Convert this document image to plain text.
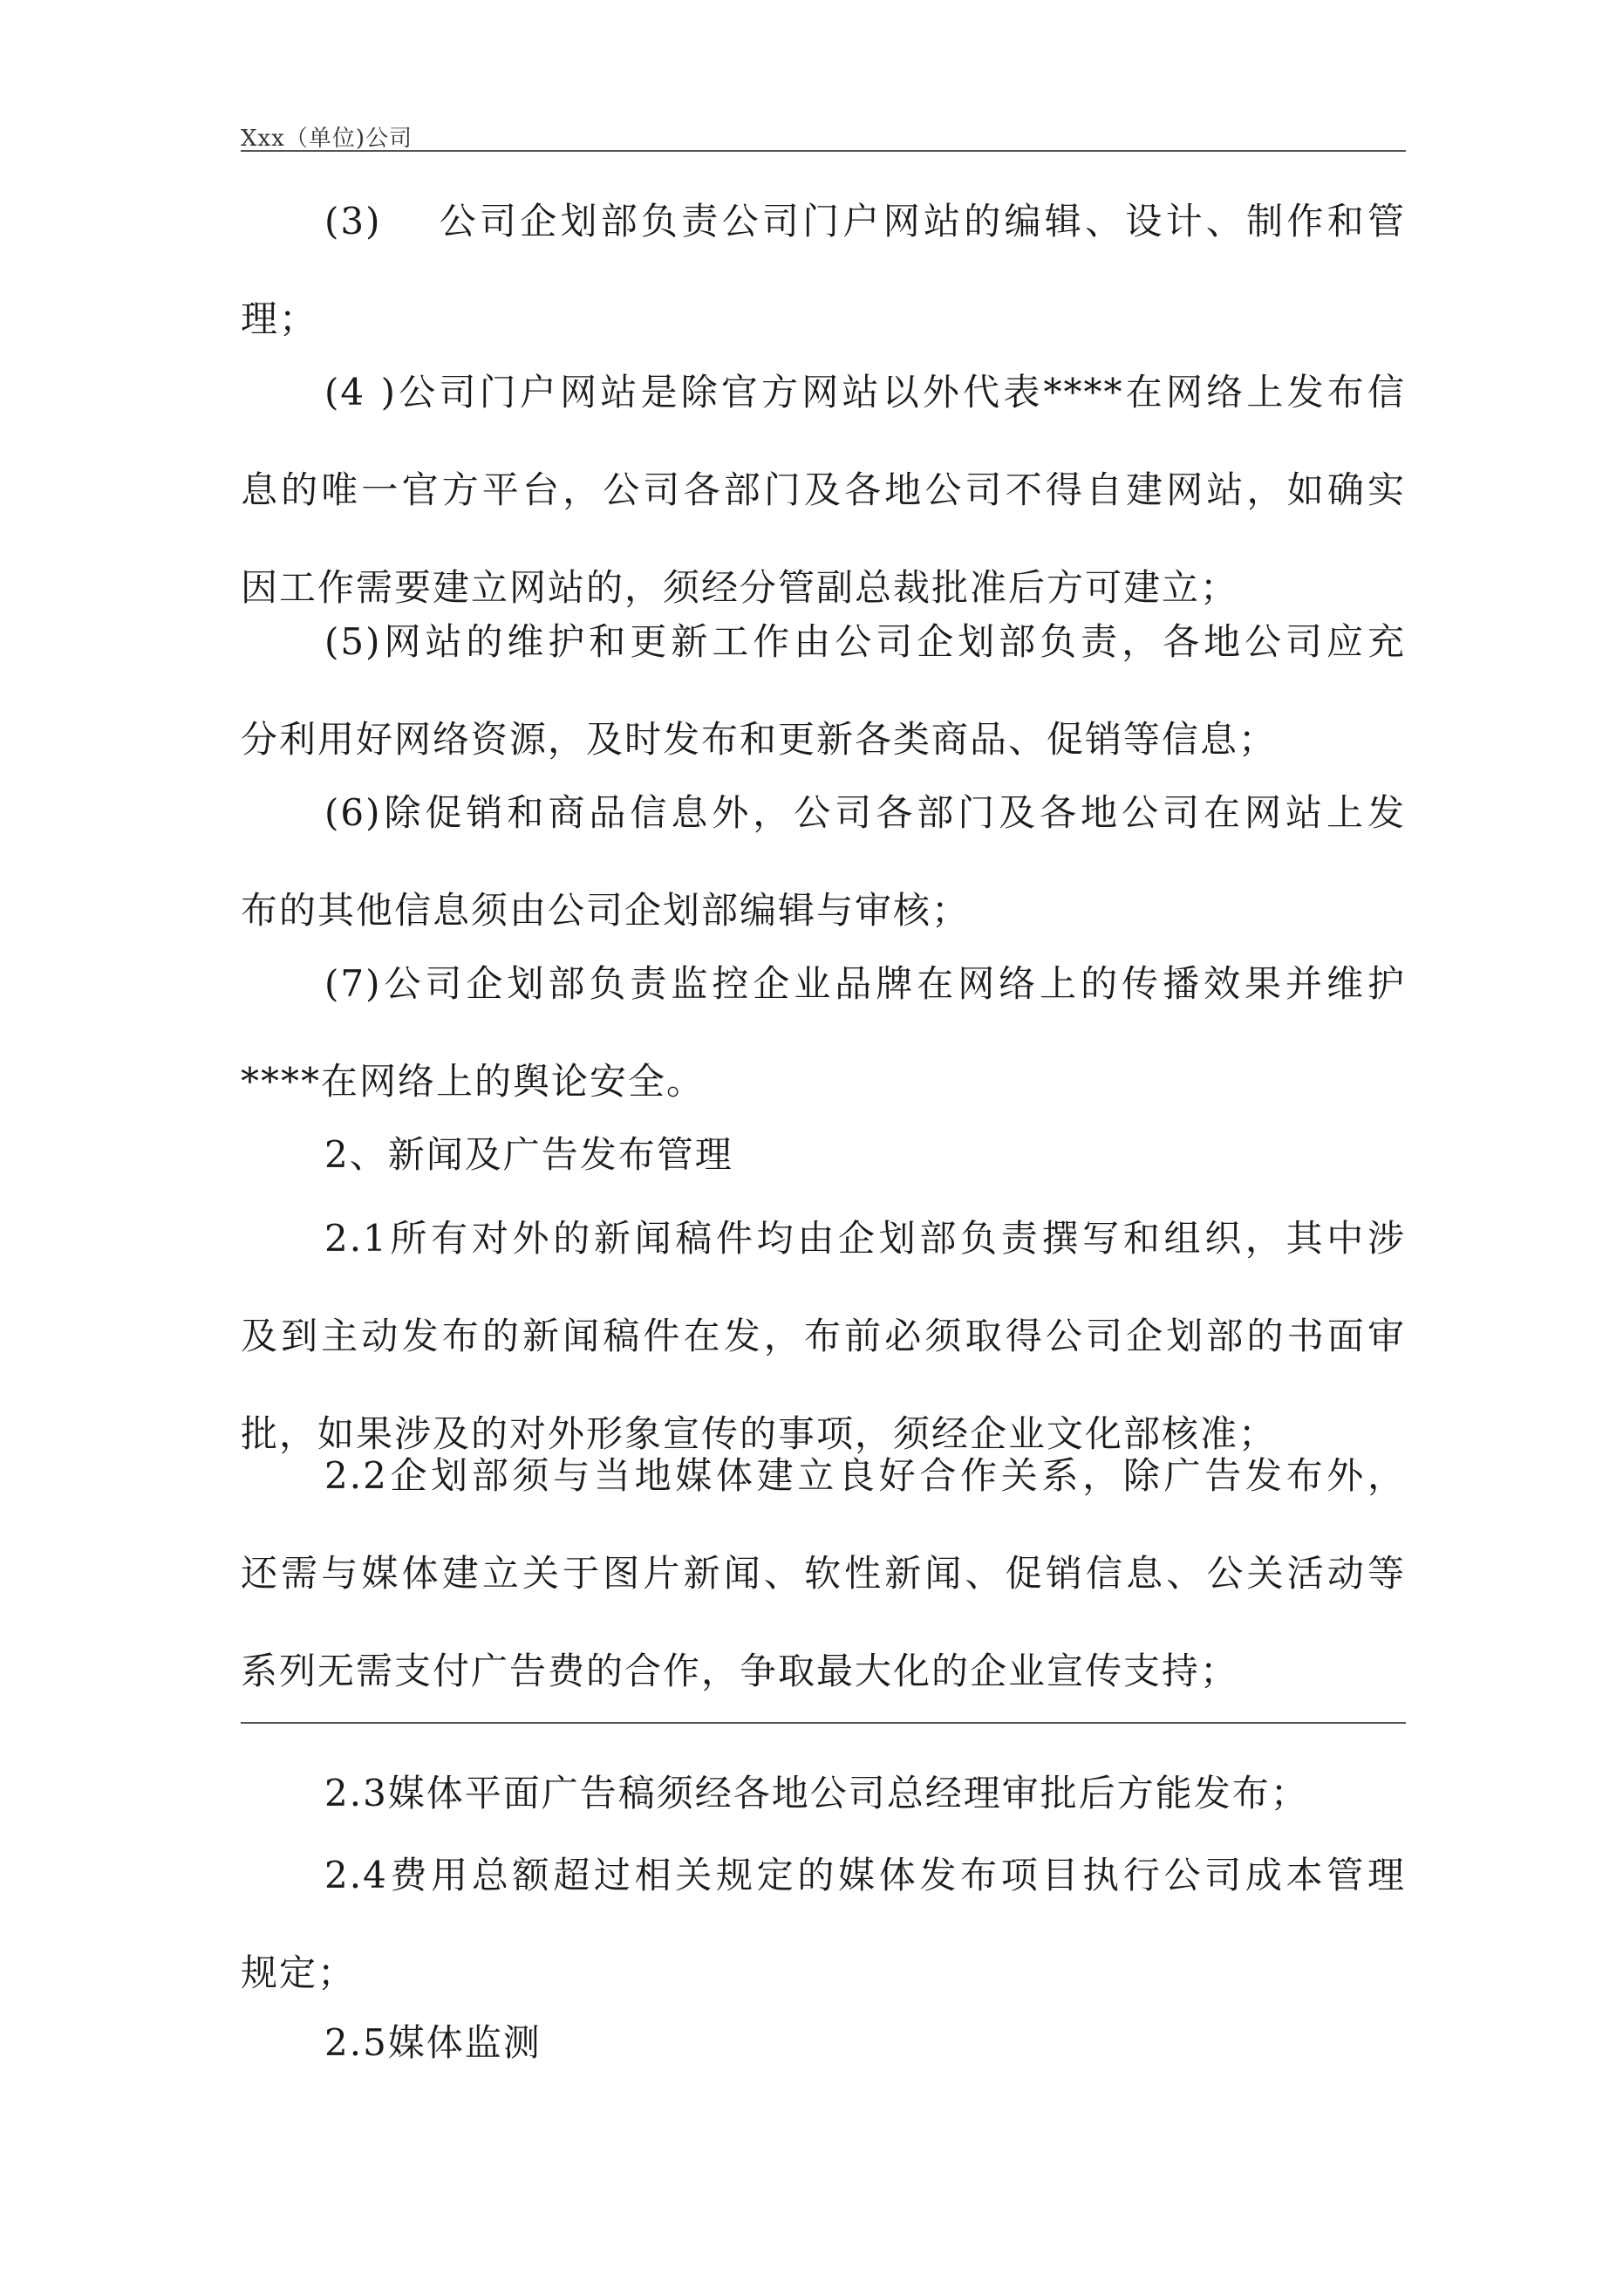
Xxx（单位)公司
(3)　 公司企划部负责公司门户网站的编辑、设计、制作和管
理；
(4 )公司门户网站是除官方网站以外代表****在网络上发布信
息的唯一官方平台，公司各部门及各地公司不得自建网站，如确实
因工作需要建立网站的，须经分管副总裁批准后方可建立；
(5)网站的维护和更新工作由公司企划部负责，各地公司应充
分利用好网络资源，及时发布和更新各类商品、促销等信息；
(6)除促销和商品信息外，公司各部门及各地公司在网站上发
布的其他信息须由公司企划部编辑与审核；
(7)公司企划部负责监控企业品牌在网络上的传播效果并维护
****在网络上的舆论安全。
2、新闻及广告发布管理
2.1所有对外的新闻稿件均由企划部负责撰写和组织，其中涉
及到主动发布的新闻稿件在发，布前必须取得公司企划部的书面审
批，如果涉及的对外形象宣传的事项，须经企业文化部核准；
2.2企划部须与当地媒体建立良好合作关系，除广告发布外，
还需与媒体建立关于图片新闻、软性新闻、促销信息、公关活动等
系列无需支付广告费的合作，争取最大化的企业宣传支持；
2.3媒体平面广告稿须经各地公司总经理审批后方能发布；
2.4费用总额超过相关规定的媒体发布项目执行公司成本管理
规定；
2.5媒体监测
